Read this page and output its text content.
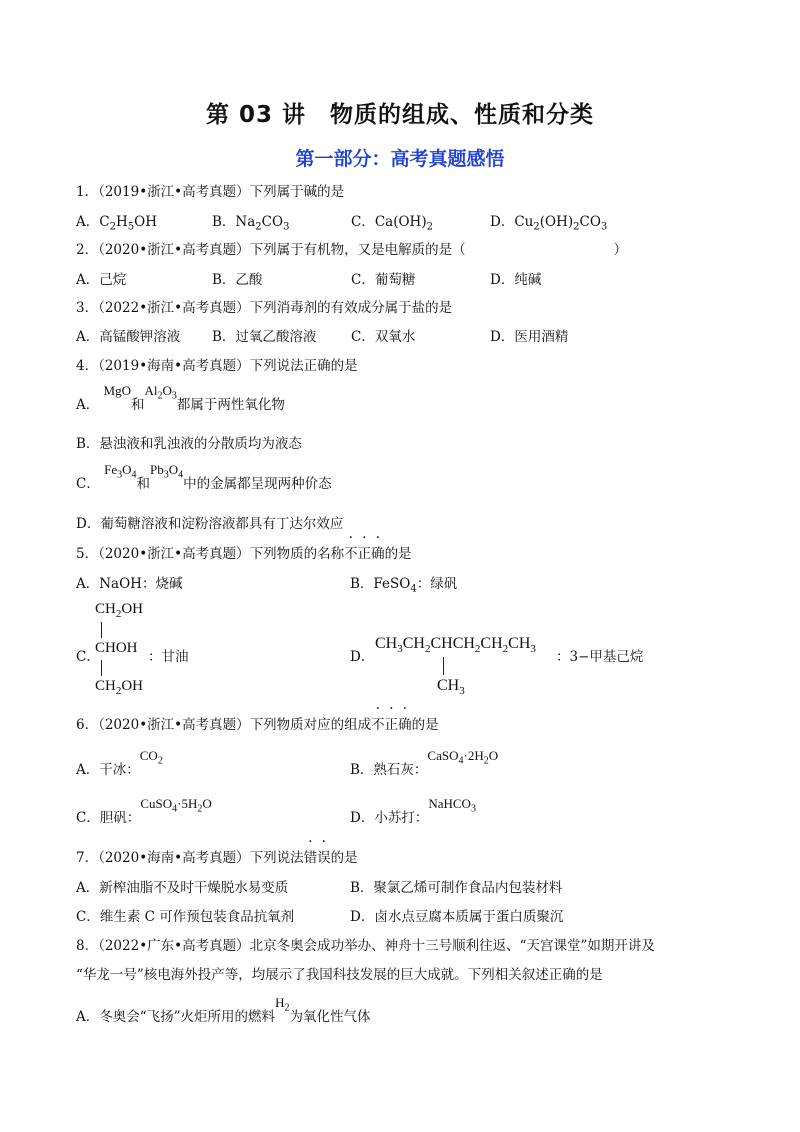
第 03 讲　物质的组成、性质和分类
第一部分：高考真题感悟
1．（2019•浙江•高考真题）下列属于碱的是
A．$C_2H_5OH$	B．$Na_2CO_3$	C．$Ca(OH)_2$	D．$Cu_2(OH)_2CO_3$
2．（2020•浙江•高考真题）下列属于有机物，又是电解质的是（	）
A．己烷	B．乙酸	C．葡萄糖	D．纯碱
3．（2022•浙江•高考真题）下列消毒剂的有效成分属于盐的是
A．高锰酸钾溶液 B．过氧乙酸溶液	C．双氧水	D．医用酒精
4．（2019•海南•高考真题）下列说法正确的是
A． MgO和$Al_2O_3$都属于两性氧化物
B．悬浊液和乳浊液的分散质均为液态
C． $Fe_3O_4$和$Pb_3O_4$中的金属都呈现两种价态
D．葡萄糖溶液和淀粉溶液都具有丁达尔效应
5．（2020•浙江•高考真题）下列物质的名称不正确的是
A．NaOH：烧碱	B．FeSO$_4$：绿矾
C．
$CH_2OH$
CHOH
$CH_2OH$
：甘油	D．
$CH_3CH_2CHCH_2CH_2CH_3$
$CH_3$
：3−甲基己烷
6．（2020•浙江•高考真题）下列物质对应的组成不正确的是
A．干冰：$CO_2$
B．熟石灰：$CaSO_4\cdot 2H_2O$
C．胆矾：$CuSO_4\cdot 5H_2O$
D．小苏打：NaHCO$_3$
7．（2020•海南•高考真题）下列说法错误的是
A．新榨油脂不及时干燥脱水易变质	B．聚氯乙烯可制作食品内包装材料
C．维生素 C 可作预包装食品抗氧剂	D．卤水点豆腐本质属于蛋白质聚沉
8．（2022•广东•高考真题）北京冬奥会成功举办、神舟十三号顺利往返、“天宫课堂”如期开讲及
“华龙一号”核电海外投产等，均展示了我国科技发展的巨大成就。下列相关叙述正确的是
A．冬奥会“飞扬”火炬所用的燃料$H_2$为氧化性气体
